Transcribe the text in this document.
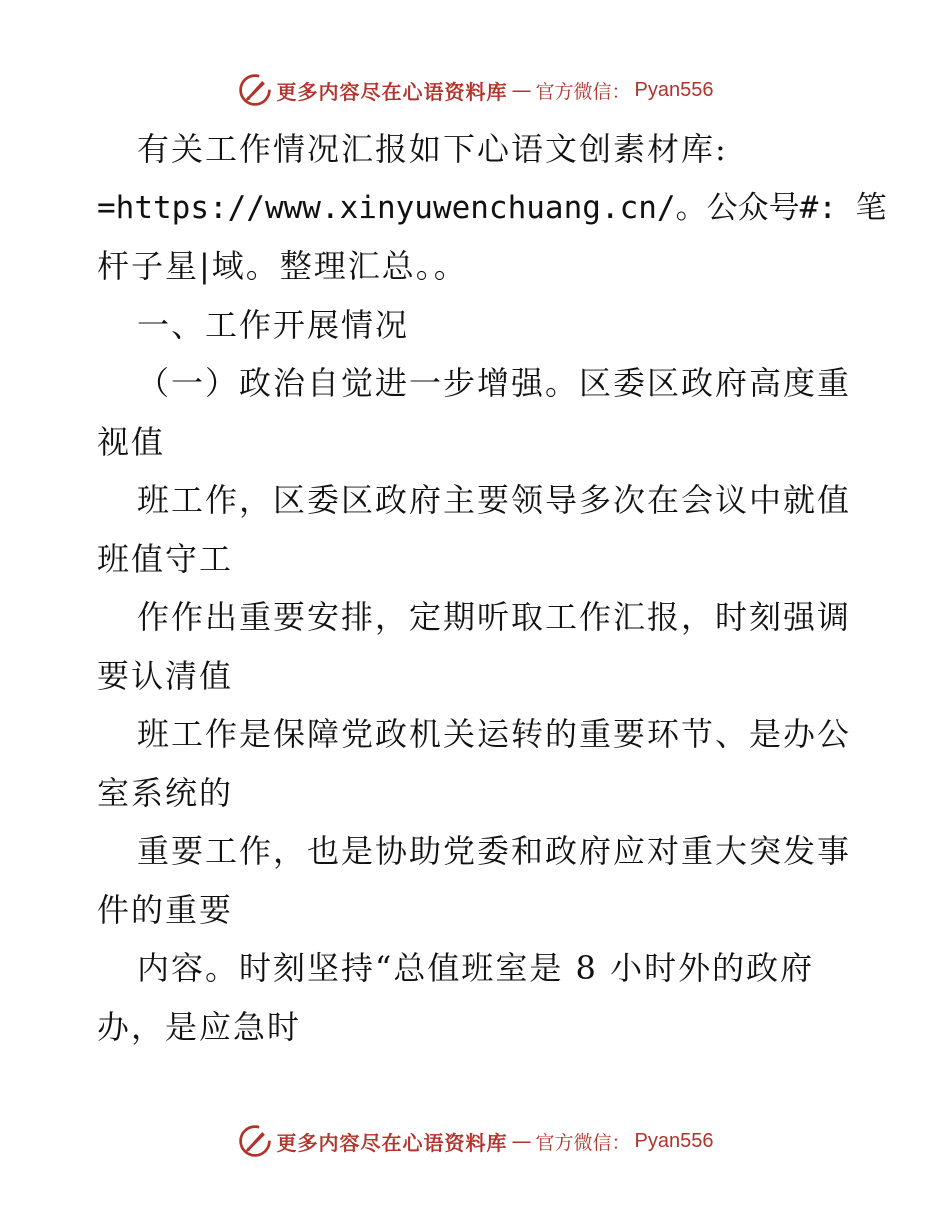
更多内容尽在心语资料库 — 官方微信： Pyan556
有关工作情况汇报如下心语文创素材库:
=https://www.xinyuwenchuang.cn/。公众号#: 笔
杆子星|域。整理汇总。。
一、工作开展情况
（一）政治自觉进一步增强。区委区政府高度重
视值
班工作，区委区政府主要领导多次在会议中就值
班值守工
作作出重要安排，定期听取工作汇报，时刻强调
要认清值
班工作是保障党政机关运转的重要环节、是办公
室系统的
重要工作，也是协助党委和政府应对重大突发事
件的重要
内容。时刻坚持“总值班室是 8 小时外的政府
办，是应急时
更多内容尽在心语资料库 — 官方微信： Pyan556
